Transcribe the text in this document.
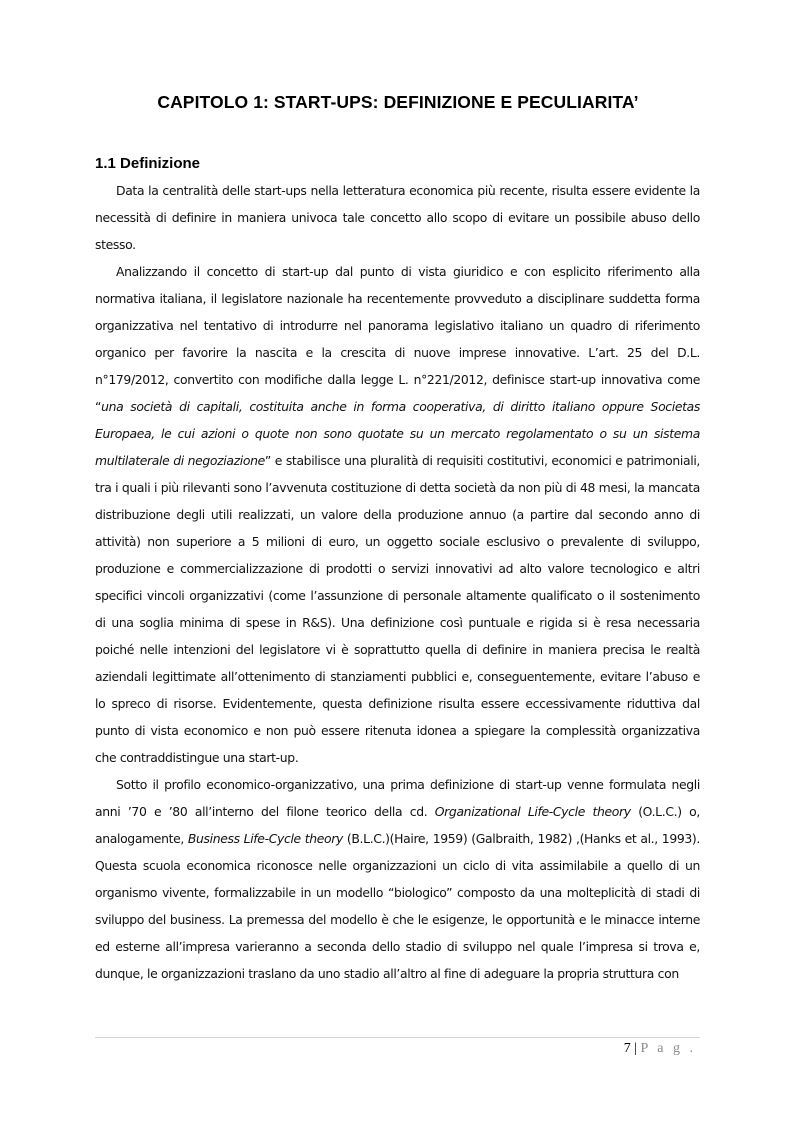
CAPITOLO 1: START-UPS: DEFINIZIONE E PECULIARITA’
1.1 Definizione

Data la centralità delle start-ups nella letteratura economica più recente, risulta essere evidente la necessità di definire in maniera univoca tale concetto allo scopo di evitare un possibile abuso dello stesso.

Analizzando il concetto di start-up dal punto di vista giuridico e con esplicito riferimento alla normativa italiana, il legislatore nazionale ha recentemente provveduto a disciplinare suddetta forma organizzativa nel tentativo di introdurre nel panorama legislativo italiano un quadro di riferimento organico per favorire la nascita e la crescita di nuove imprese innovative. L’art. 25 del D.L. n°179/2012, convertito con modifiche dalla legge L. n°221/2012, definisce start-up innovativa come “una società di capitali, costituita anche in forma cooperativa, di diritto italiano oppure Societas Europaea, le cui azioni o quote non sono quotate su un mercato regolamentato o su un sistema multilaterale di negoziazione” e stabilisce una pluralità di requisiti costitutivi, economici e patrimoniali, tra i quali i più rilevanti sono l’avvenuta costituzione di detta società da non più di 48 mesi, la mancata distribuzione degli utili realizzati, un valore della produzione annuo (a partire dal secondo anno di attività) non superiore a 5 milioni di euro, un oggetto sociale esclusivo o prevalente di sviluppo, produzione e commercializzazione di prodotti o servizi innovativi ad alto valore tecnologico e altri specifici vincoli organizzativi (come l’assunzione di personale altamente qualificato o il sostenimento di una soglia minima di spese in R&S). Una definizione così puntuale e rigida si è resa necessaria poiché nelle intenzioni del legislatore vi è soprattutto quella di definire in maniera precisa le realtà aziendali legittimate all’ottenimento di stanziamenti pubblici e, conseguentemente, evitare l’abuso e lo spreco di risorse. Evidentemente, questa definizione risulta essere eccessivamente riduttiva dal punto di vista economico e non può essere ritenuta idonea a spiegare la complessità organizzativa che contraddistingue una start-up.

Sotto il profilo economico-organizzativo, una prima definizione di start-up venne formulata negli anni ’70 e ’80 all’interno del filone teorico della cd. Organizational Life-Cycle theory (O.L.C.) o, analogamente, Business Life-Cycle theory (B.L.C.)(Haire, 1959) (Galbraith, 1982) ,(Hanks et al., 1993). Questa scuola economica riconosce nelle organizzazioni un ciclo di vita assimilabile a quello di un organismo vivente, formalizzabile in un modello “biologico” composto da una molteplicità di stadi di sviluppo del business. La premessa del modello è che le esigenze, le opportunità e le minacce interne ed esterne all’impresa varieranno a seconda dello stadio di sviluppo nel quale l’impresa si trova e, dunque, le organizzazioni traslano da uno stadio all’altro al fine di adeguare la propria struttura con

7 | P a g .
